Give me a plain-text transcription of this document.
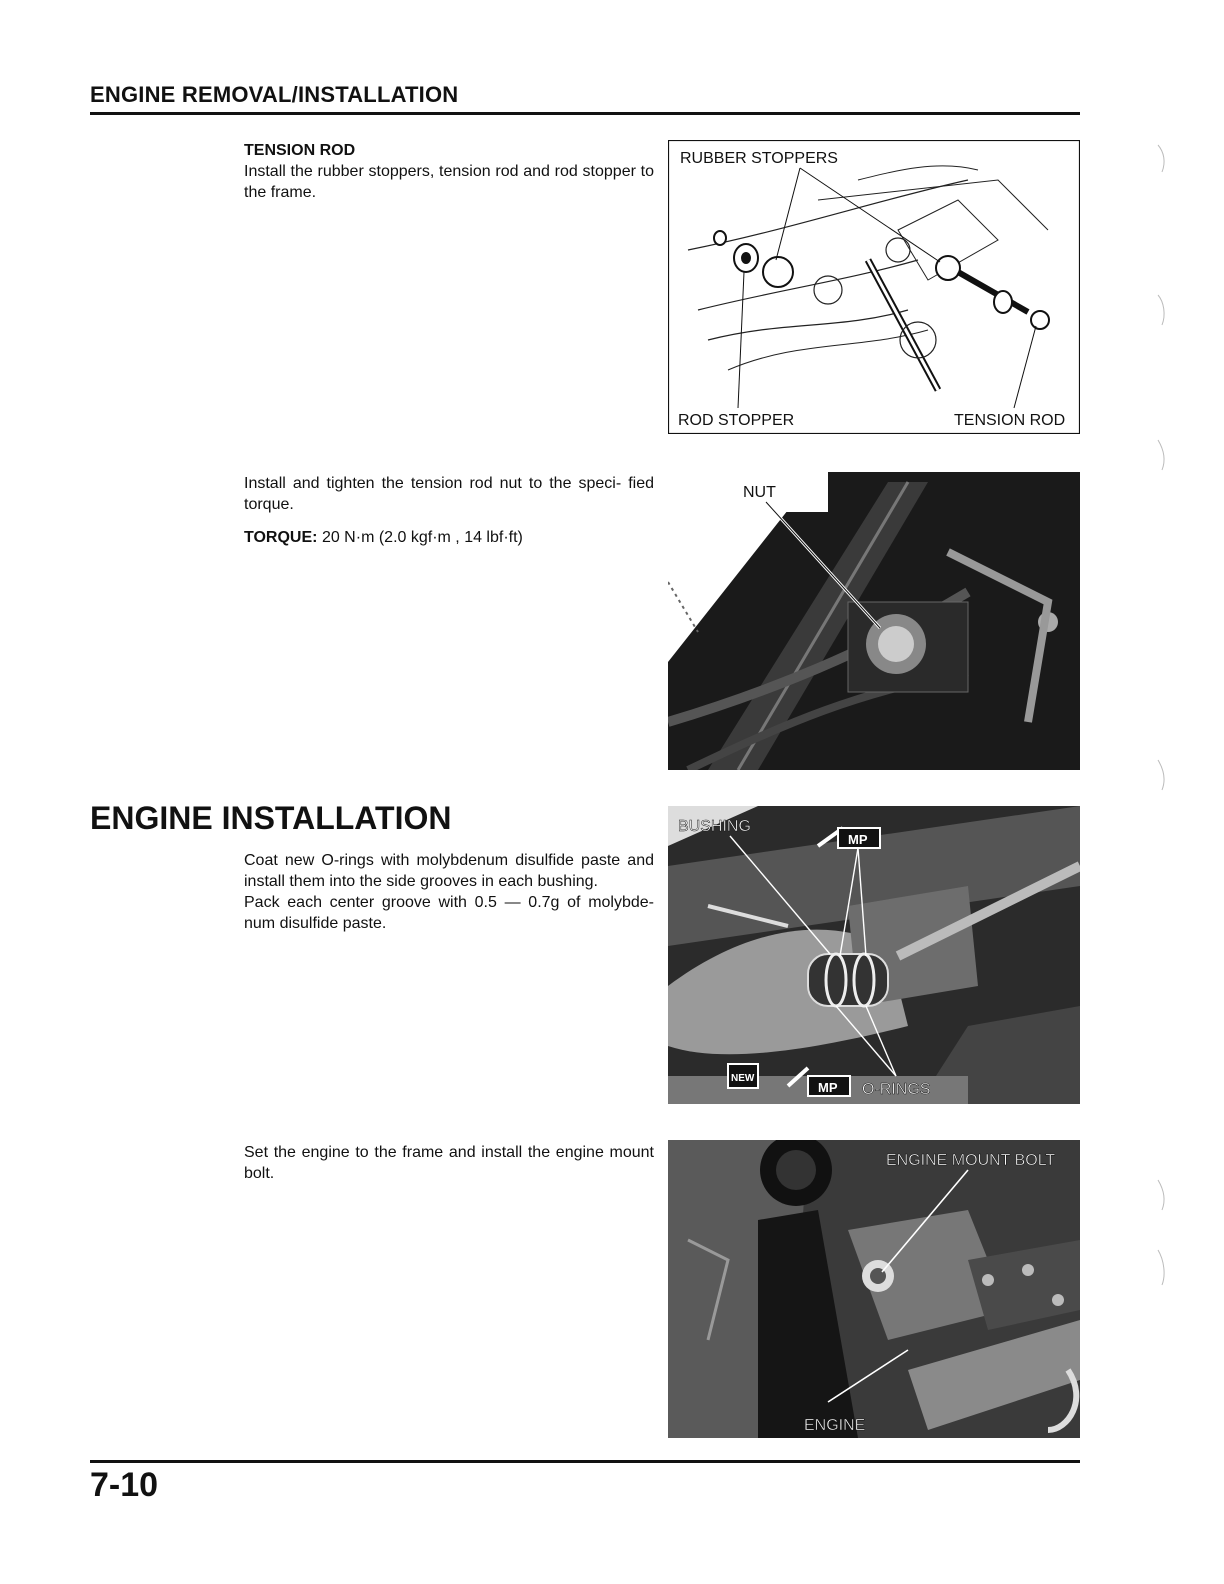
ENGINE REMOVAL/INSTALLATION
TENSION ROD
Install the rubber stoppers, tension rod and rod stopper to the frame.
RUBBER STOPPERS
ROD STOPPER	TENSION ROD
Install and tighten the tension rod nut to the speci- fied torque.
TORQUE: 20 N·m (2.0 kgf·m , 14 lbf·ft)
NUT
ENGINE INSTALLATION
Coat new O-rings with molybdenum disulfide paste and install them into the side grooves in each bushing.
Pack each center groove with 0.5 — 0.7g of molybde- num disulfide paste.
MP
NEW
MP
BUSHING
O-RINGS
Set the engine to the frame and install the engine mount bolt.
ENGINE MOUNT BOLT
ENGINE
7-10
